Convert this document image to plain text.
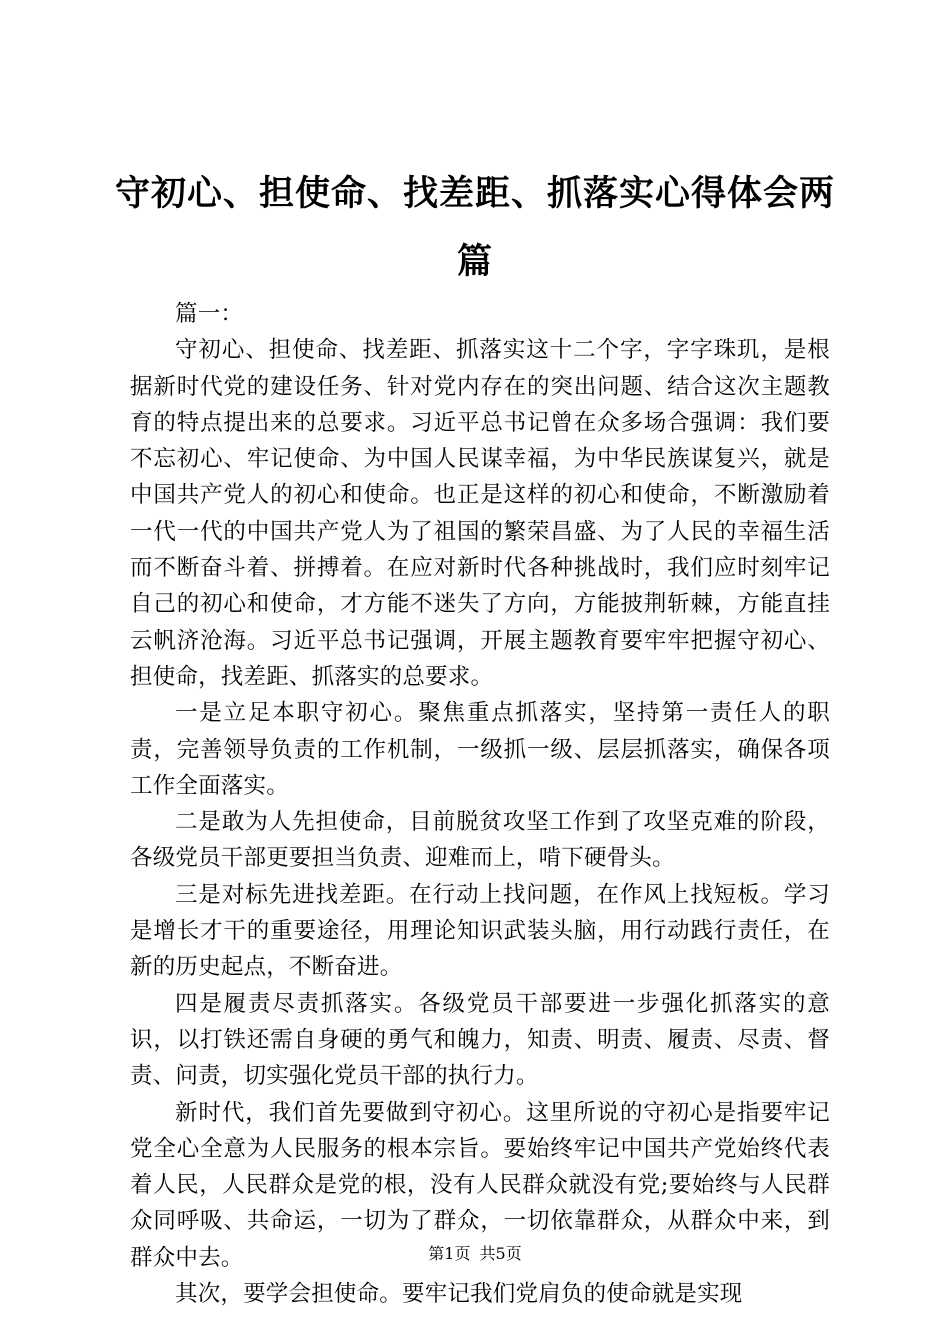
守初心、担使命、找差距、抓落实心得体会两篇

篇一：

守初心、担使命、找差距、抓落实这十二个字，字字珠玑，是根据新时代党的建设任务、针对党内存在的突出问题、结合这次主题教育的特点提出来的总要求。习近平总书记曾在众多场合强调：我们要不忘初心、牢记使命、为中国人民谋幸福，为中华民族谋复兴，就是中国共产党人的初心和使命。也正是这样的初心和使命，不断激励着一代一代的中国共产党人为了祖国的繁荣昌盛、为了人民的幸福生活而不断奋斗着、拼搏着。在应对新时代各种挑战时，我们应时刻牢记自己的初心和使命，才方能不迷失了方向，方能披荆斩棘，方能直挂云帆济沧海。习近平总书记强调，开展主题教育要牢牢把握守初心、担使命，找差距、抓落实的总要求。

一是立足本职守初心。聚焦重点抓落实，坚持第一责任人的职责，完善领导负责的工作机制，一级抓一级、层层抓落实，确保各项工作全面落实。

二是敢为人先担使命，目前脱贫攻坚工作到了攻坚克难的阶段，各级党员干部更要担当负责、迎难而上，啃下硬骨头。

三是对标先进找差距。在行动上找问题，在作风上找短板。学习是增长才干的重要途径，用理论知识武装头脑，用行动践行责任，在新的历史起点，不断奋进。

四是履责尽责抓落实。各级党员干部要进一步强化抓落实的意识，以打铁还需自身硬的勇气和魄力，知责、明责、履责、尽责、督责、问责，切实强化党员干部的执行力。

新时代，我们首先要做到守初心。这里所说的守初心是指要牢记党全心全意为人民服务的根本宗旨。要始终牢记中国共产党始终代表着人民，人民群众是党的根，没有人民群众就没有党;要始终与人民群众同呼吸、共命运，一切为了群众，一切依靠群众，从群众中来，到群众中去。

其次，要学会担使命。要牢记我们党肩负的使命就是实现

第1页 共5页
